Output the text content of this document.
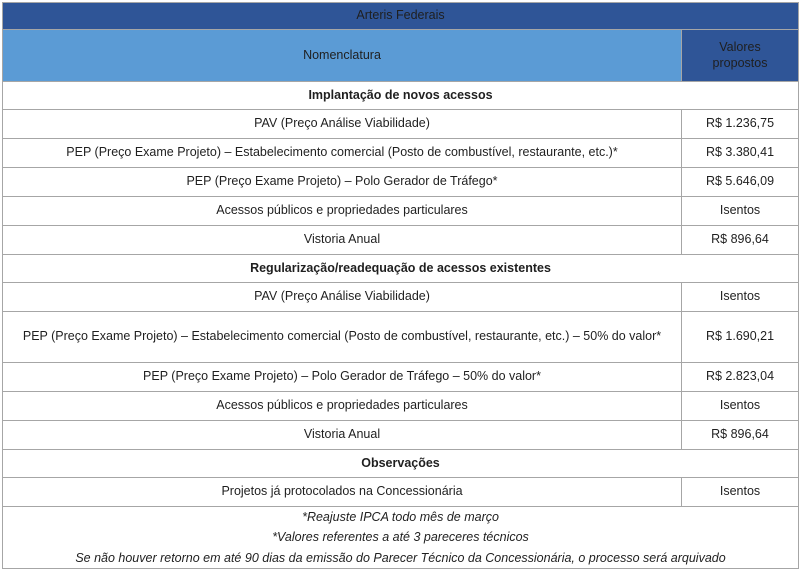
Arteris Federais	
Nomenclatura	Valores
propostos
Implantação de novos acessos	
PAV (Preço Análise Viabilidade)	R$ 1.236,75
PEP (Preço Exame Projeto) – Estabelecimento comercial (Posto de combustível, restaurante, etc.)*	R$ 3.380,41
PEP (Preço Exame Projeto) – Polo Gerador de Tráfego*	R$ 5.646,09
Acessos públicos e propriedades particulares	Isentos
Vistoria Anual	R$ 896,64
Regularização/readequação de acessos existentes	
PAV (Preço Análise Viabilidade)	Isentos
PEP (Preço Exame Projeto) – Estabelecimento comercial (Posto de combustível, restaurante, etc.) – 50% do valor*	R$ 1.690,21
PEP (Preço Exame Projeto) – Polo Gerador de Tráfego – 50% do valor*	R$ 2.823,04
Acessos públicos e propriedades particulares	Isentos
Vistoria Anual	R$ 896,64
Observações	
Projetos já protocolados na Concessionária	Isentos

*Reajuste IPCA todo mês de março
*Valores referentes a até 3 pareceres técnicos
Se não houver retorno em até 90 dias da emissão do Parecer Técnico da Concessionária, o processo será arquivado	
